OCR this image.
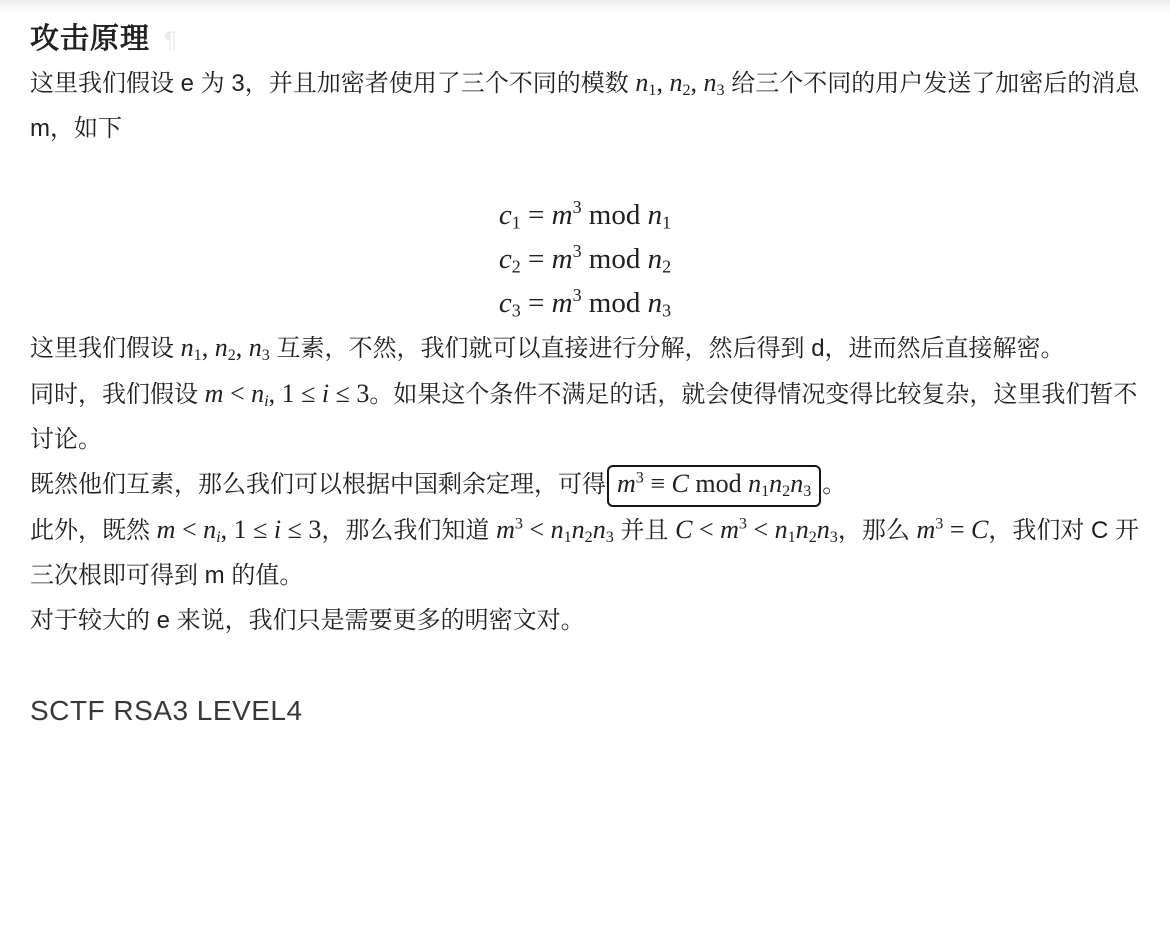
攻击原理 ¶

这里我们假设 e 为 3，并且加密者使用了三个不同的模数 $n_1$, $n_2$, $n_3$ 给三个不同的用户发送了加密后的消息 m，如下

$c_1 = m^3$ mod $n_1$
$c_2 = m^3$ mod $n_2$
$c_3 = m^3$ mod $n_3$

这里我们假设 $n_1$, $n_2$, $n_3$ 互素，不然，我们就可以直接进行分解，然后得到 d，进而然后直接解密。

同时，我们假设 $m < n_i$, 1 ≤ i ≤ 3。如果这个条件不满足的话，就会使得情况变得比较复杂，这里我们暂不讨论。

既然他们互素，那么我们可以根据中国剩余定理，可得 $m^3 \equiv C$ mod $n_1n_2n_3$ 。

此外，既然 $m < n_i$, 1 ≤ i ≤ 3，那么我们知道 $m^3 < n_1n_2n_3$ 并且 $C < m^3 < n_1n_2n_3$，那么 $m^3 = C$，我们对 C 开三次根即可得到 m 的值。

对于较大的 e 来说，我们只是需要更多的明密文对。

SCTF RSA3 LEVEL4
